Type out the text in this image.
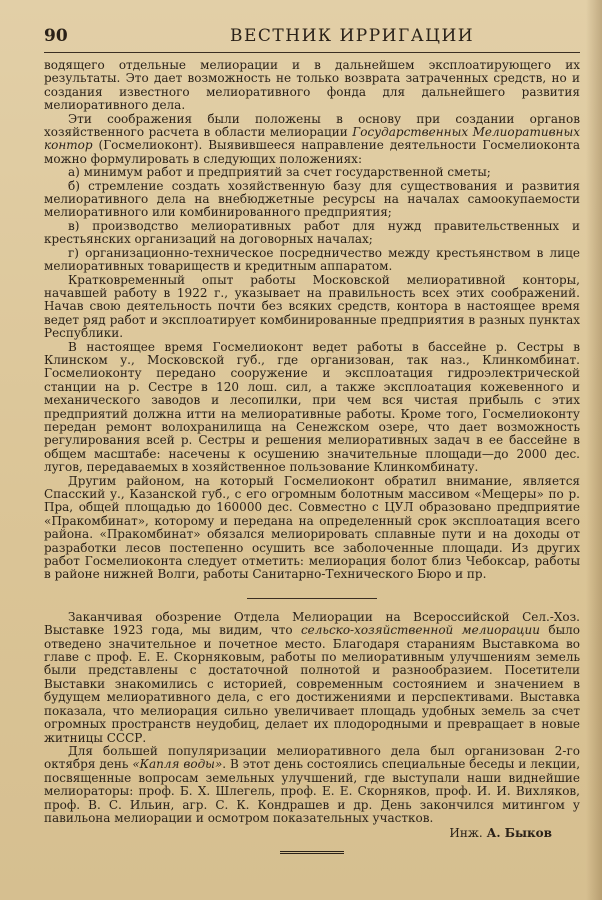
90	ВЕСТНИК ИРРИГАЦИИ

водящего отдельные мелиорации и в дальнейшем эксплоатирующего их результаты. Это дает возможность не только возврата затраченных средств, но и создания известного мелиоративного фонда для дальнейшего развития мелиоративного дела.

Эти соображения были положены в основу при создании органов хозяйственного расчета в области мелиорации Государственных Мелиоративных контор (Госмелиоконт). Выявившееся направление деятельности Госмелиоконта можно формулировать в следующих положениях:

а) минимум работ и предприятий за счет государственной сметы;

б) стремление создать хозяйственную базу для существования и развития мелиоративного дела на внебюджетные ресурсы на началах самоокупаемости мелиоративного или комбинированного предприятия;

в) производство мелиоративных работ для нужд правительственных и крестьянских организаций на договорных началах;

г) организационно-техническое посредничество между крестьянством в лице мелиоративных товариществ и кредитным аппаратом.

Кратковременный опыт работы Московской мелиоративной конторы, начавшей работу в 1922 г., указывает на правильность всех этих соображений. Начав свою деятельность почти без всяких средств, контора в настоящее время ведет ряд работ и эксплоатирует комбинированные предприятия в разных пунктах Республики.

В настоящее время Госмелиоконт ведет работы в бассейне р. Сестры в Клинском у., Московской губ., где организован, так наз., Клинкомбинат. Госмелиоконту передано сооружение и эксплоатация гидроэлектрической станции на р. Сестре в 120 лош. сил, а также эксплоатация кожевенного и механического заводов и лесопилки, при чем вся чистая прибыль с этих предприятий должна итти на мелиоративные работы. Кроме того, Госмелиоконту передан ремонт волохранилища на Сенежском озере, что дает возможность регулирования всей р. Сестры и решения мелиоративных задач в ее бассейне в общем масштабе: насечены к осушению значительные площади—до 2000 дес. лугов, передаваемых в хозяйственное пользование Клинкомбинату.

Другим районом, на который Госмелиоконт обратил внимание, является Спасский у., Казанской губ., с его огромным болотным массивом «Мещеры» по р. Пра, общей площадью до 160000 дес. Совместно с ЦУЛ образовано предприятие «Пракомбинат», которому и передана на определенный срок эксплоатация всего района. «Пракомбинат» обязался мелиорировать сплавные пути и на доходы от разработки лесов постепенно осушить все заболоченные площади. Из других работ Госмелиоконта следует отметить: мелиорация болот близ Чебоксар, работы в районе нижней Волги, работы Санитарно-Технического Бюро и пр.

Заканчивая обозрение Отдела Мелиорации на Всероссийской Сел.-Хоз. Выставке 1923 года, мы видим, что сельско-хозяйственной мелиорации было отведено значительное и почетное место. Благодаря стараниям Выставкома во главе с проф. Е. Е. Скорняковым, работы по мелиоративным улучшениям земель были представлены с достаточной полнотой и разнообразием. Посетители Выставки знакомились с историей, современным состоянием и значением в будущем мелиоративного дела, с его достижениями и перспективами. Выставка показала, что мелиорация сильно увеличивает площадь удобных земель за счет огромных пространств неудобиц, делает их плодородными и превращает в новые житницы СССР.

Для большей популяризации мелиоративного дела был организован 2-го октября день «Капля воды». В этот день состоялись специальные беседы и лекции, посвященные вопросам земельных улучшений, где выступали наши виднейшие мелиораторы: проф. Б. Х. Шлегель, проф. Е. Е. Скорняков, проф. И. И. Вихляков, проф. В. С. Ильин, агр. С. К. Кондрашев и др. День закончился митингом у павильона мелиорации и осмотром показательных участков.

Инж. А. Быков
